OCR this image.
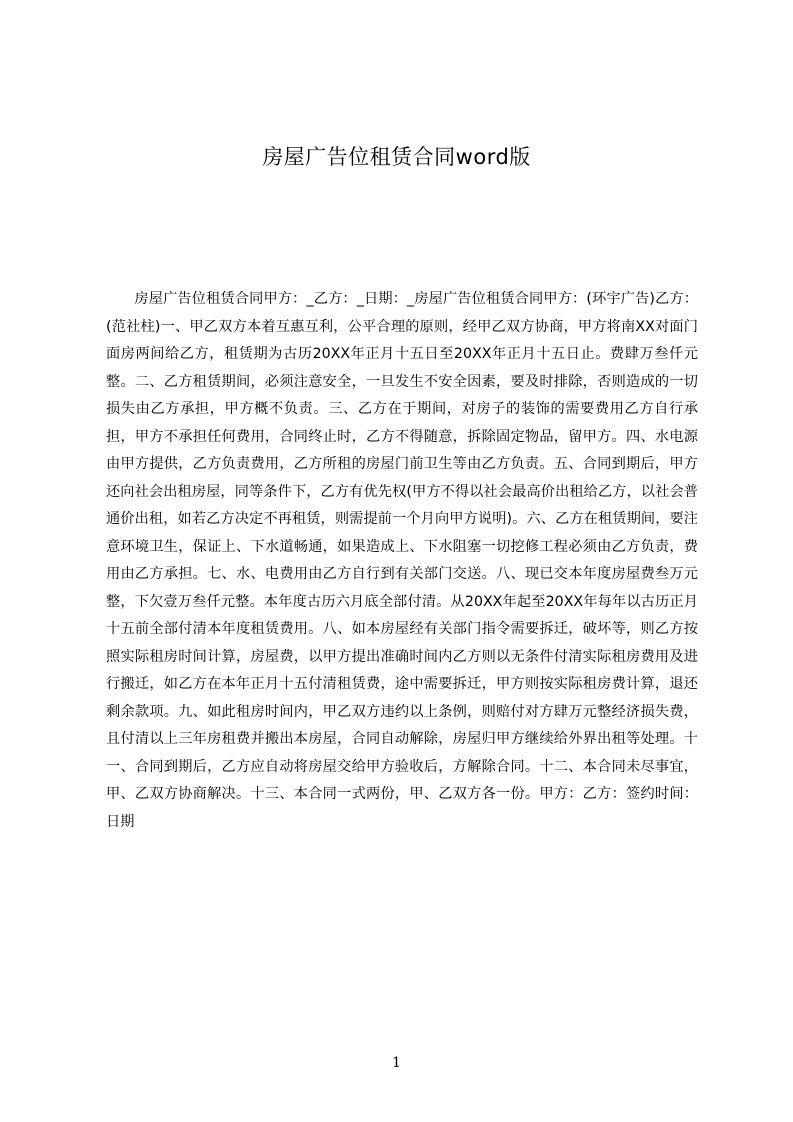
房屋广告位租赁合同word版

房屋广告位租赁合同甲方：_乙方：_日期：_房屋广告位租赁合同甲方：(环宇广告)乙方：(范社柱)一、甲乙双方本着互惠互利，公平合理的原则，经甲乙双方协商，甲方将南XX对面门面房两间给乙方，租赁期为古历20XX年正月十五日至20XX年正月十五日止。费肆万叁仟元整。二、乙方租赁期间，必须注意安全，一旦发生不安全因素，要及时排除，否则造成的一切损失由乙方承担，甲方概不负责。三、乙方在于期间，对房子的装饰的需要费用乙方自行承担，甲方不承担任何费用，合同终止时，乙方不得随意，拆除固定物品，留甲方。四、水电源由甲方提供，乙方负责费用，乙方所租的房屋门前卫生等由乙方负责。五、合同到期后，甲方还向社会出租房屋，同等条件下，乙方有优先权(甲方不得以社会最高价出租给乙方，以社会普通价出租，如若乙方决定不再租赁，则需提前一个月向甲方说明)。六、乙方在租赁期间，要注意环境卫生，保证上、下水道畅通，如果造成上、下水阻塞一切挖修工程必须由乙方负责，费用由乙方承担。七、水、电费用由乙方自行到有关部门交送。八、现已交本年度房屋费叁万元整，下欠壹万叁仟元整。本年度古历六月底全部付清。从20XX年起至20XX年每年以古历正月十五前全部付清本年度租赁费用。八、如本房屋经有关部门指令需要拆迁，破坏等，则乙方按照实际租房时间计算，房屋费，以甲方提出准确时间内乙方则以无条件付清实际租房费用及进行搬迁，如乙方在本年正月十五付清租赁费，途中需要拆迁，甲方则按实际租房费计算，退还剩余款项。九、如此租房时间内，甲乙双方违约以上条例，则赔付对方肆万元整经济损失费，且付清以上三年房租费并搬出本房屋，合同自动解除，房屋归甲方继续给外界出租等处理。十一、合同到期后，乙方应自动将房屋交给甲方验收后，方解除合同。十二、本合同未尽事宜，甲、乙双方协商解决。十三、本合同一式两份，甲、乙双方各一份。甲方：乙方：签约时间：日期

1
